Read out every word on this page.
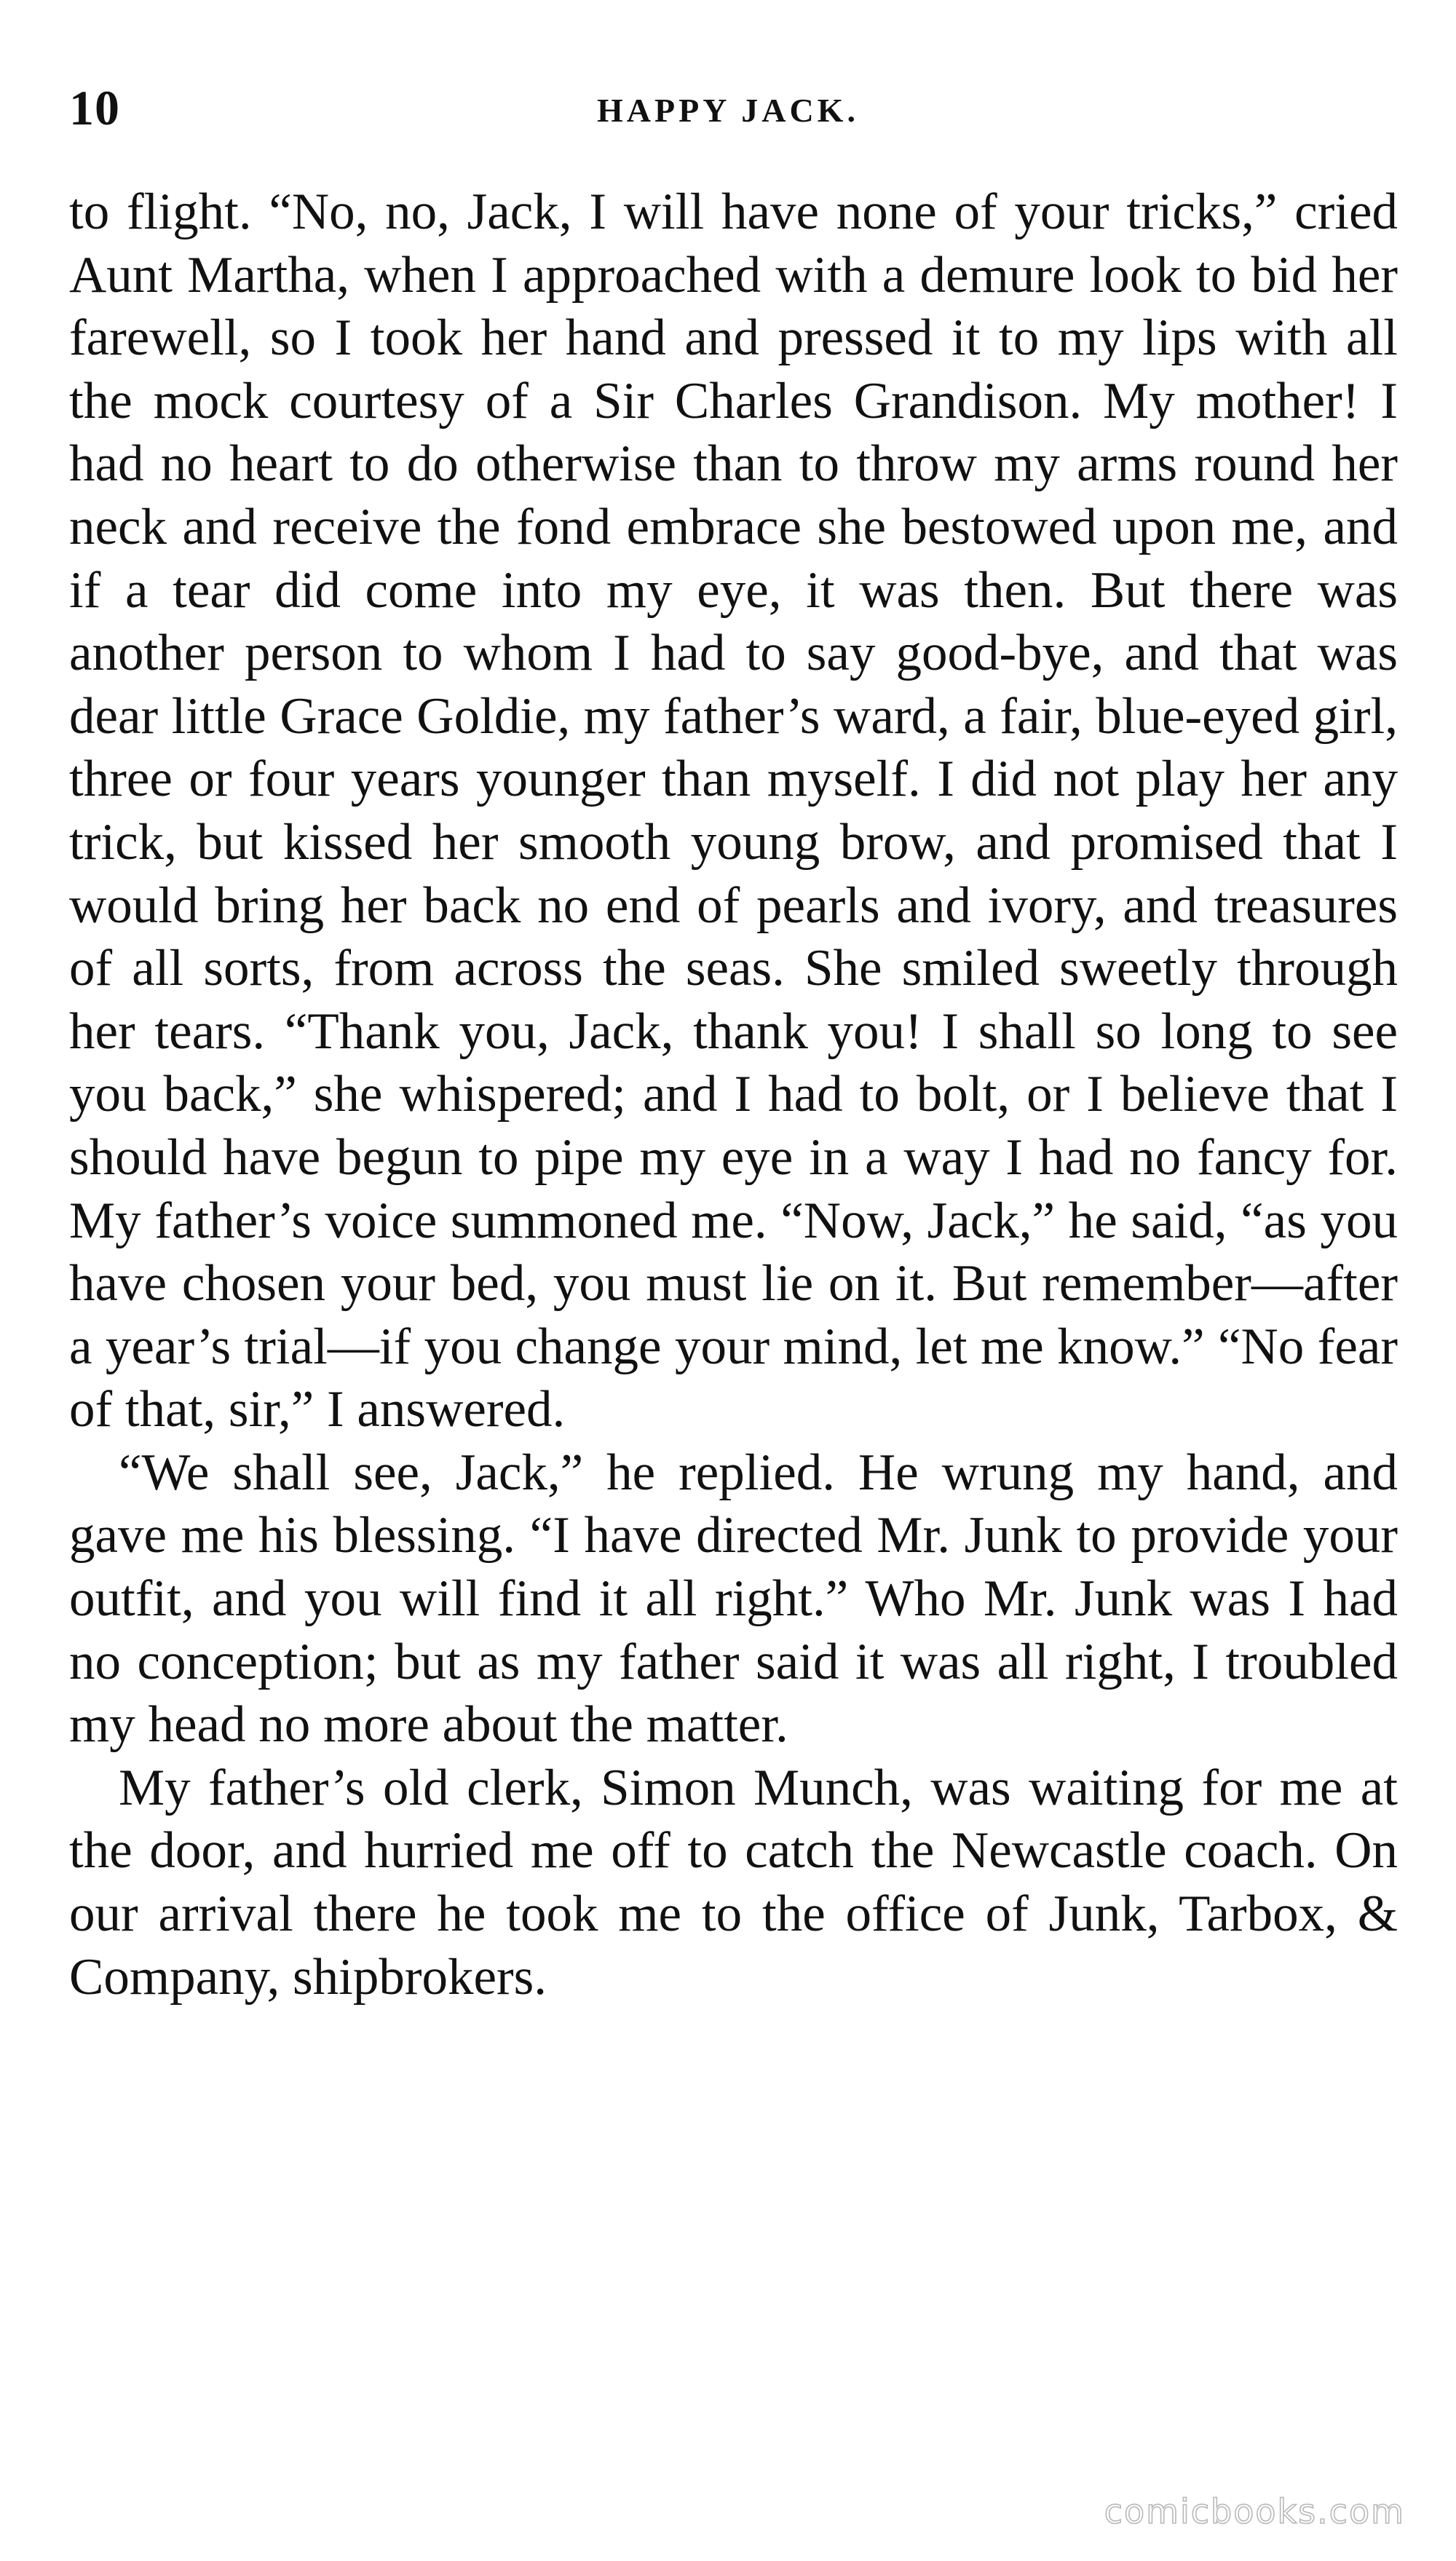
10	HAPPY JACK.

to flight. “No, no, Jack, I will have none of your tricks,” cried Aunt Martha, when I approached with a demure look to bid her farewell, so I took her hand and pressed it to my lips with all the mock courtesy of a Sir Charles Grandison. My mother! I had no heart to do otherwise than to throw my arms round her neck and receive the fond embrace she bestowed upon me, and if a tear did come into my eye, it was then. But there was another person to whom I had to say good-bye, and that was dear little Grace Goldie, my father’s ward, a fair, blue-eyed girl, three or four years younger than myself. I did not play her any trick, but kissed her smooth young brow, and promised that I would bring her back no end of pearls and ivory, and treasures of all sorts, from across the seas. She smiled sweetly through her tears. “Thank you, Jack, thank you! I shall so long to see you back,” she whispered; and I had to bolt, or I believe that I should have begun to pipe my eye in a way I had no fancy for. My father’s voice summoned me. “Now, Jack,” he said, “as you have chosen your bed, you must lie on it. But remember—after a year’s trial—if you change your mind, let me know.” “No fear of that, sir,” I answered.

“We shall see, Jack,” he replied. He wrung my hand, and gave me his blessing. “I have directed Mr. Junk to provide your outfit, and you will find it all right.” Who Mr. Junk was I had no conception; but as my father said it was all right, I troubled my head no more about the matter.

My father’s old clerk, Simon Munch, was waiting for me at the door, and hurried me off to catch the Newcastle coach. On our arrival there he took me to the office of Junk, Tarbox, & Company, shipbrokers.

comicbooks.com
